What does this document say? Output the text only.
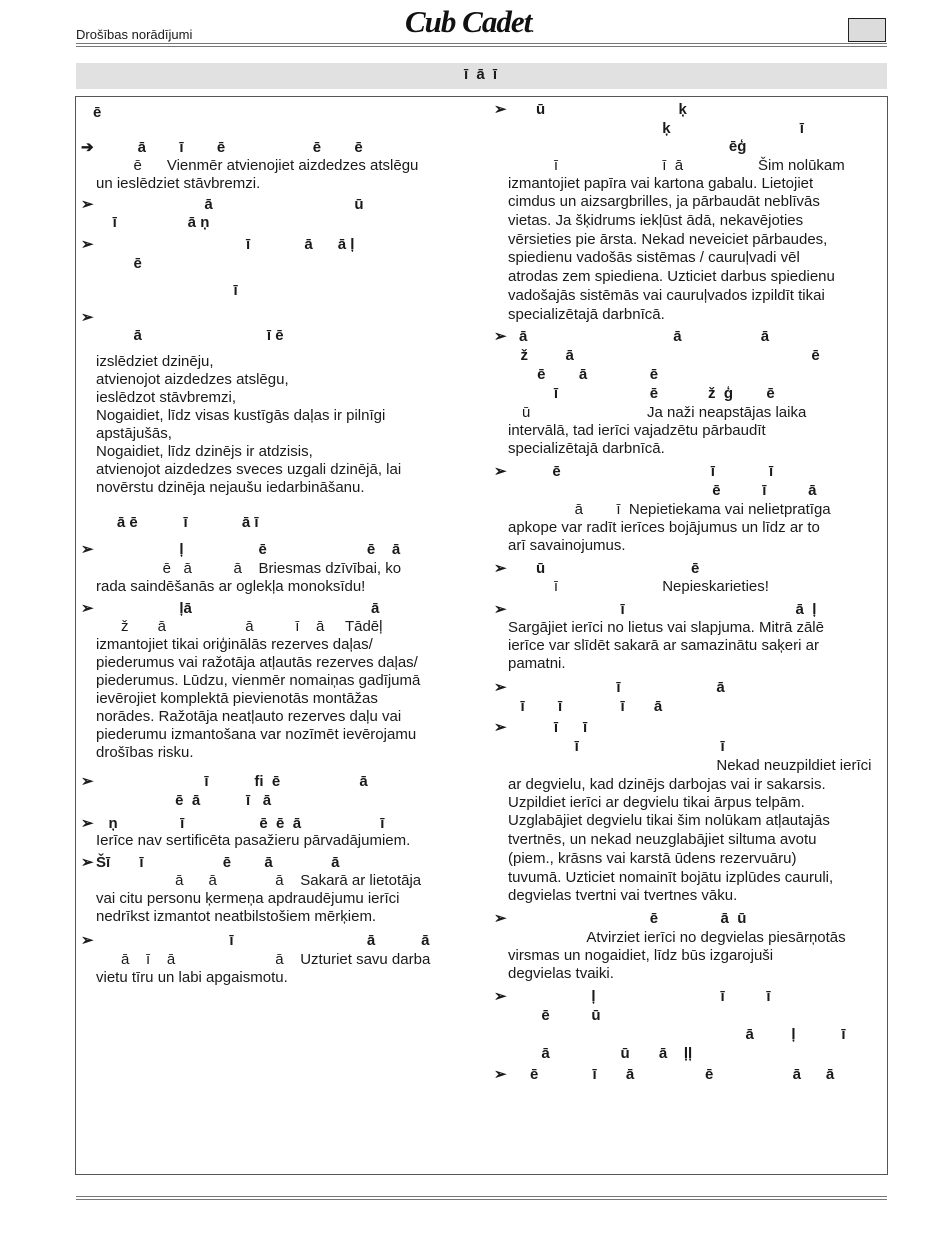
Drošības norādījumi	Cub Cadet.
ī ā ī
ē
➔ ā        ī        ē                     ē        ē
ē      Vienmēr atvienojiet aizdedzes atslēgu
un ieslēdziet stāvbremzi.
➢ ā                                  ū
ī                 ā ņ
➢ ī             ā      ā ļ
ē
ī
➢
ā                              ī ē
izslēdziet dzinēju,
atvienojot aizdedzes atslēgu,
ieslēdzot stāvbremzi,
Nogaidiet, līdz visas kustīgās daļas ir pilnīgi
apstājušās,
Nogaidiet, līdz dzinējs ir atdzisis,
atvienojot aizdedzes sveces uzgali dzinējā, lai
novērstu dzinēja nejaušu iedarbināšanu.
ā ē           ī             ā ī
➢ ļ                  ē                        ē    ā
ē   ā          ā    Briesmas dzīvībai, ko
rada saindēšanās ar oglekļa monoksīdu!
➢ ļā                                           ā
ž       ā                   ā          ī    ā     Tādēļ
izmantojiet tikai oriģinālās rezerves daļas/
piederumus vai ražotāja atļautās rezerves daļas/
piederumus. Lūdzu, vienmēr nomaiņas gadījumā
ievērojiet komplektā pievienotās montāžas
norādes. Ražotāja neatļauto rezerves daļu vai
piederumu izmantošana var nozīmēt ievērojamu
drošības risku.
➢ ī           fi  ē                   ā
ē  ā           ī   ā
➢ ņ               ī                  ē  ē  ā                   ī
Ierīce nav sertificēta pasažieru pārvadājumiem.
➢ Šī       ī                   ē        ā              ā
ā      ā              ā    Sakarā ar lietotāja
vai citu personu ķermeņa apdraudējumu ierīci
nedrīkst izmantot neatbilstošiem mērķiem.
➢ ī                                ā           ā
ā    ī    ā                        ā    Uzturiet savu darba
vietu tīru un labi apgaismotu.
➢ ū                                ķ
ķ                               ī
ēģ
ī                         ī  ā                  Šim nolūkam
izmantojiet papīra vai kartona gabalu. Lietojiet
cimdus un aizsargbrilles, ja pārbaudāt neblīvās
vietas. Ja šķidrums iekļūst ādā, nekavējoties
vērsieties pie ārsta. Nekad neveiciet pārbaudes,
spiedienu vadošās sistēmas / cauruļvadi vēl
atrodas zem spiediena. Uzticiet darbus spiedienu
vadošajās sistēmās vai cauruļvados izpildīt tikai
specializētajā darbnīcā.
➢ ā                                   ā                   ā
ž         ā                                                         ē
ē        ā               ē
ī                      ē            ž  ģ        ē
ū                            Ja naži neapstājas laika
intervālā, tad ierīci vajadzētu pārbaudīt
specializētajā darbnīcā.
➢ ē                                    ī             ī
ē          ī          ā
ā        ī  Nepietiekama vai nelietpratīga
apkope var radīt ierīces bojājumus un līdz ar to
arī savainojumus.
➢ ū                                   ē
ī                         Nepieskarieties!
➢ ī                                         ā  ļ
Sargājiet ierīci no lietus vai slapjuma. Mitrā zālē
ierīce var slīdēt sakarā ar samazinātu saķeri ar
pamatni.
➢ ī                       ā
ī        ī              ī       ā
➢ ī      ī
ī                                  ī
Nekad neuzpildiet ierīci
ar degvielu, kad dzinējs darbojas vai ir sakarsis.
Uzpildiet ierīci ar degvielu tikai ārpus telpām.
Uzglabājiet degvielu tikai šim nolūkam atļautajās
tvertnēs, un nekad neuzglabājiet siltuma avotu
(piem., krāsns vai karstā ūdens rezervuāru)
tuvumā. Uzticiet nomainīt bojātu izplūdes cauruli,
degvielas tvertni vai tvertnes vāku.
➢ ē               ā  ū
Atvirziet ierīci no degvielas piesārņotās
virsmas un nogaidiet, līdz būs izgarojuši
degvielas tvaiki.
➢ ļ                              ī          ī
ē          ū
ā         ļ           ī
ā                 ū       ā    ļļ
➢ ē             ī       ā                 ē                   ā      ā
